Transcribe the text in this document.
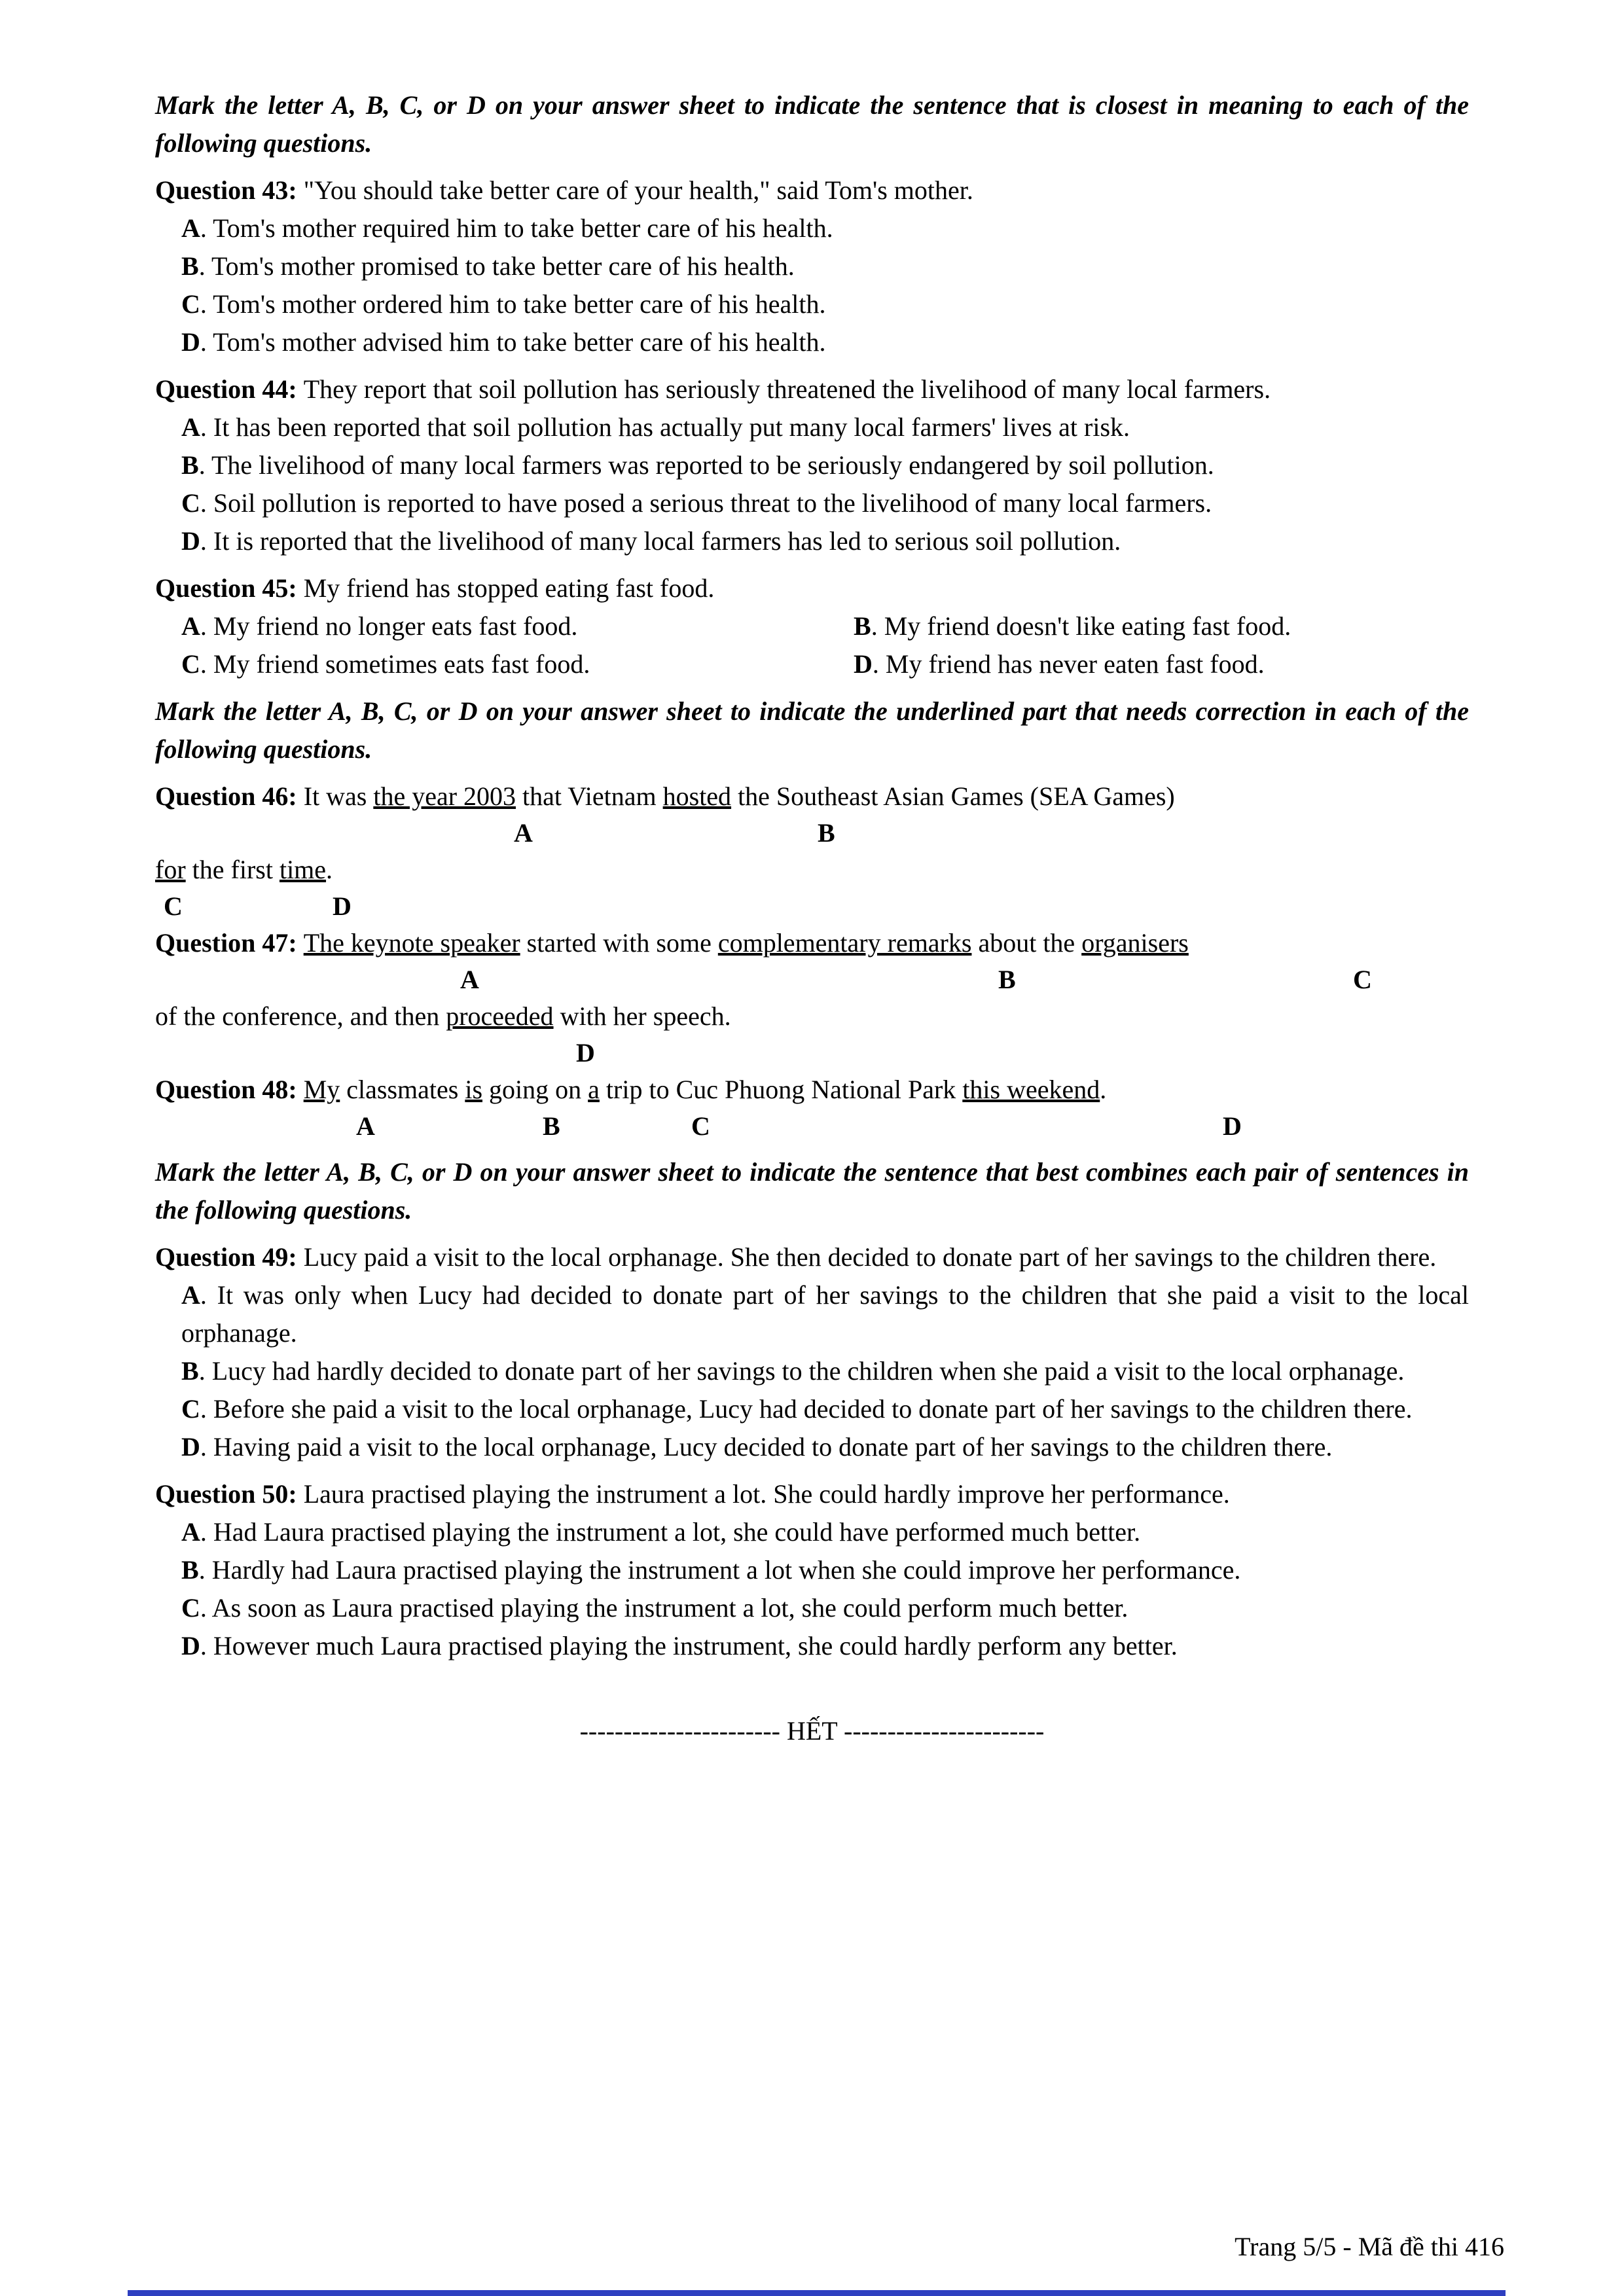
Mark the letter A, B, C, or D on your answer sheet to indicate the sentence that is closest in meaning to each of the following questions.

Question 43: "You should take better care of your health," said Tom's mother.

A. Tom's mother required him to take better care of his health.
B. Tom's mother promised to take better care of his health.
C. Tom's mother ordered him to take better care of his health.
D. Tom's mother advised him to take better care of his health.

Question 44: They report that soil pollution has seriously threatened the livelihood of many local farmers.

A. It has been reported that soil pollution has actually put many local farmers' lives at risk.
B. The livelihood of many local farmers was reported to be seriously endangered by soil pollution.
C. Soil pollution is reported to have posed a serious threat to the livelihood of many local farmers.
D. It is reported that the livelihood of many local farmers has led to serious soil pollution.

Question 45: My friend has stopped eating fast food.

A. My friend no longer eats fast food.	B. My friend doesn't like eating fast food.
C. My friend sometimes eats fast food.	D. My friend has never eaten fast food.

Mark the letter A, B, C, or D on your answer sheet to indicate the underlined part that needs correction in each of the following questions.

Question 46: It was the year 2003 that Vietnam hosted the Southeast Asian Games (SEA Games)

A	B

for the first time.

C	D

Question 47: The keynote speaker started with some complementary remarks about the organisers

A	B	C

of the conference, and then proceeded with her speech.

D

Question 48: My classmates is going on a trip to Cuc Phuong National Park this weekend.

A	B	C	D

Mark the letter A, B, C, or D on your answer sheet to indicate the sentence that best combines each pair of sentences in the following questions.

Question 49: Lucy paid a visit to the local orphanage. She then decided to donate part of her savings to the children there.

A. It was only when Lucy had decided to donate part of her savings to the children that she paid a visit to the local orphanage.
B. Lucy had hardly decided to donate part of her savings to the children when she paid a visit to the local orphanage.
C. Before she paid a visit to the local orphanage, Lucy had decided to donate part of her savings to the children there.
D. Having paid a visit to the local orphanage, Lucy decided to donate part of her savings to the children there.

Question 50: Laura practised playing the instrument a lot. She could hardly improve her performance.

A. Had Laura practised playing the instrument a lot, she could have performed much better.
B. Hardly had Laura practised playing the instrument a lot when she could improve her performance.
C. As soon as Laura practised playing the instrument a lot, she could perform much better.
D. However much Laura practised playing the instrument, she could hardly perform any better.

----------------------- HẾT -----------------------

Trang 5/5 - Mã đề thi 416
